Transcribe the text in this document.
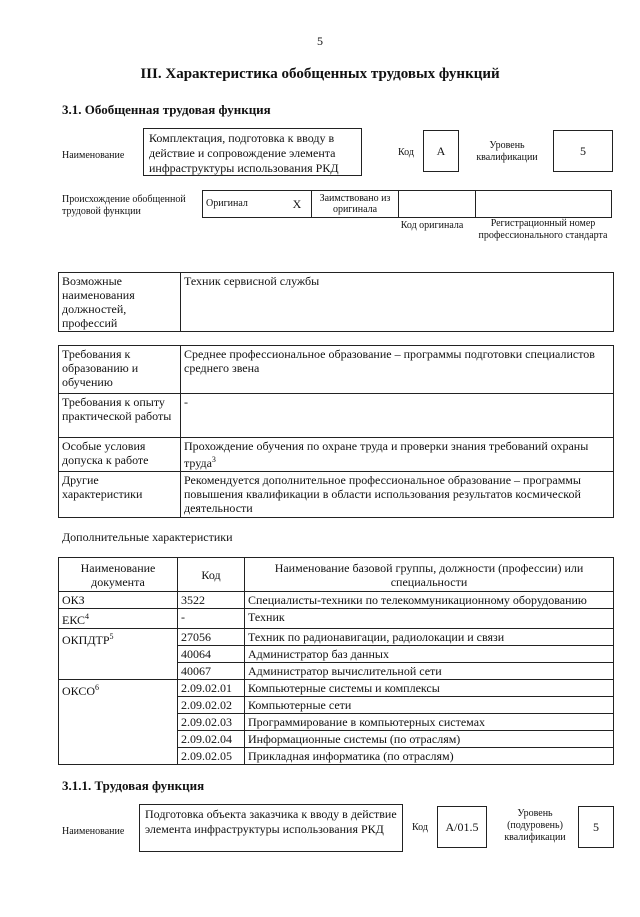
5
III. Характеристика обобщенных трудовых функций
3.1. Обобщенная трудовая функция
Наименование
Комплектация, подготовка к вводу в действие и сопровождение элемента инфраструктуры использования РКД
Код A	Уровень квалификации	5
Происхождение обобщенной трудовой функции
Оригинал	X	Заимствовано из оригинала		
Код оригинала	Регистрационный номер профессионального стандарта
Возможные наименования должностей, профессий	Техник сервисной службы
Требования к образованию и обучению	Среднее профессиональное образование – программы подготовки специалистов среднего звена
Требования к опыту практической работы	-
Особые условия допуска к работе	Прохождение обучения по охране труда и проверки знания требований охраны труда$^3$
Другие характеристики	Рекомендуется дополнительное профессиональное образование – программы повышения квалификации в области использования результатов космической деятельности
Дополнительные характеристики
Наименование документа	Код	Наименование базовой группы, должности (профессии) или специальности
ОКЗ	3522	Специалисты-техники по телекоммуникационному оборудованию
ЕКС$^4$	-	Техник
ОКПДТР$^5$	27056	Техник по радионавигации, радиолокации и связи
	40064	Администратор баз данных
	40067	Администратор вычислительной сети
ОКСО$^6$	2.09.02.01	Компьютерные системы и комплексы
	2.09.02.02	Компьютерные сети
	2.09.02.03	Программирование в компьютерных системах
	2.09.02.04	Информационные системы (по отраслям)
	2.09.02.05	Прикладная информатика (по отраслям)
3.1.1. Трудовая функция
Наименование
Подготовка объекта заказчика к вводу в действие элемента инфраструктуры использования РКД	Код A/01.5
Уровень (подуровень) квалификации
5
